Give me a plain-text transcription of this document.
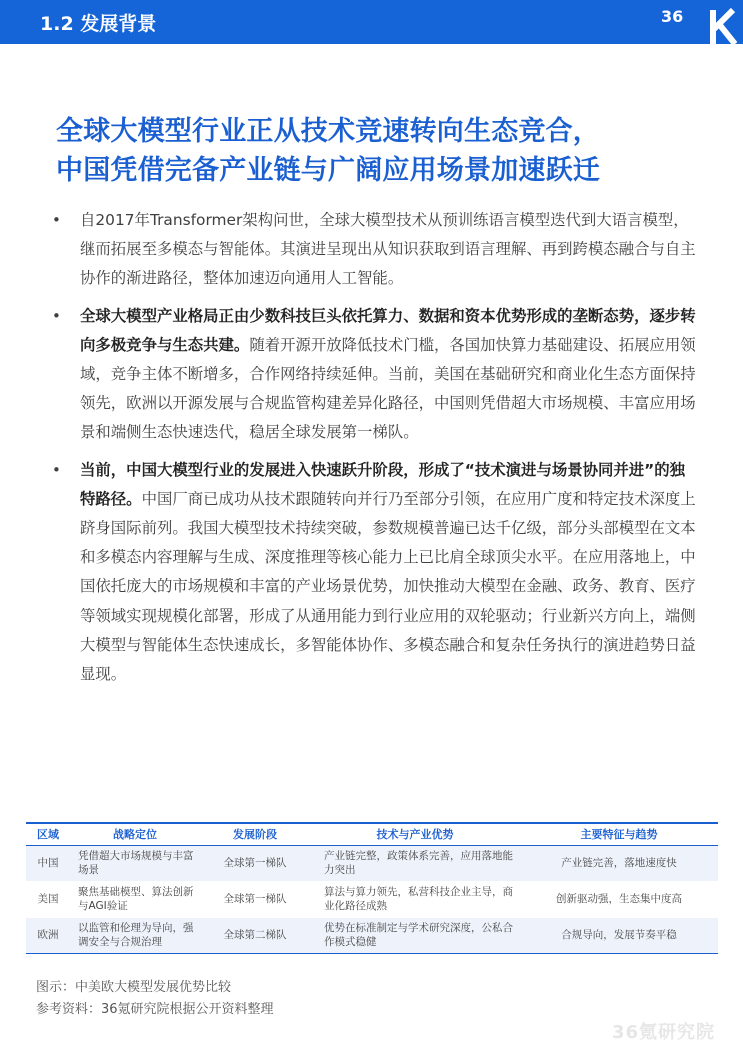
1.2 发展背景	36
全球大模型行业正从技术竞速转向生态竞合，
中国凭借完备产业链与广阔应用场景加速跃迁
• 自2017年Transformer架构问世，全球大模型技术从预训练语言模型迭代到大语言模型，继而拓展至多模态与智能体。其演进呈现出从知识获取到语言理解、再到跨模态融合与自主协作的渐进路径，整体加速迈向通用人工智能。
• 全球大模型产业格局正由少数科技巨头依托算力、数据和资本优势形成的垄断态势，逐步转向多极竞争与生态共建。随着开源开放降低技术门槛，各国加快算力基础建设、拓展应用领域，竞争主体不断增多，合作网络持续延伸。当前，美国在基础研究和商业化生态方面保持领先，欧洲以开源发展与合规监管构建差异化路径，中国则凭借超大市场规模、丰富应用场景和端侧生态快速迭代，稳居全球发展第一梯队。
• 当前，中国大模型行业的发展进入快速跃升阶段，形成了“技术演进与场景协同并进”的独特路径。中国厂商已成功从技术跟随转向并行乃至部分引领，在应用广度和特定技术深度上跻身国际前列。我国大模型技术持续突破，参数规模普遍已达千亿级，部分头部模型在文本和多模态内容理解与生成、深度推理等核心能力上已比肩全球顶尖水平。在应用落地上，中国依托庞大的市场规模和丰富的产业场景优势，加快推动大模型在金融、政务、教育、医疗等领域实现规模化部署，形成了从通用能力到行业应用的双轮驱动；行业新兴方向上，端侧大模型与智能体生态快速成长，多智能体协作、多模态融合和复杂任务执行的演进趋势日益显现。
区域	战略定位	发展阶段	技术与产业优势	主要特征与趋势
中国	凭借超大市场规模与丰富场景	全球第一梯队	产业链完整，政策体系完善，应用落地能力突出	产业链完善，落地速度快
美国	聚焦基础模型、算法创新与AGI验证	全球第一梯队	算法与算力领先，私营科技企业主导，商业化路径成熟	创新驱动强，生态集中度高
欧洲	以监管和伦理为导向，强调安全与合规治理	全球第二梯队	优势在标准制定与学术研究深度，公私合作模式稳健	合规导向，发展节奏平稳
图示：中美欧大模型发展优势比较
参考资料：36氪研究院根据公开资料整理
36氪研究院
